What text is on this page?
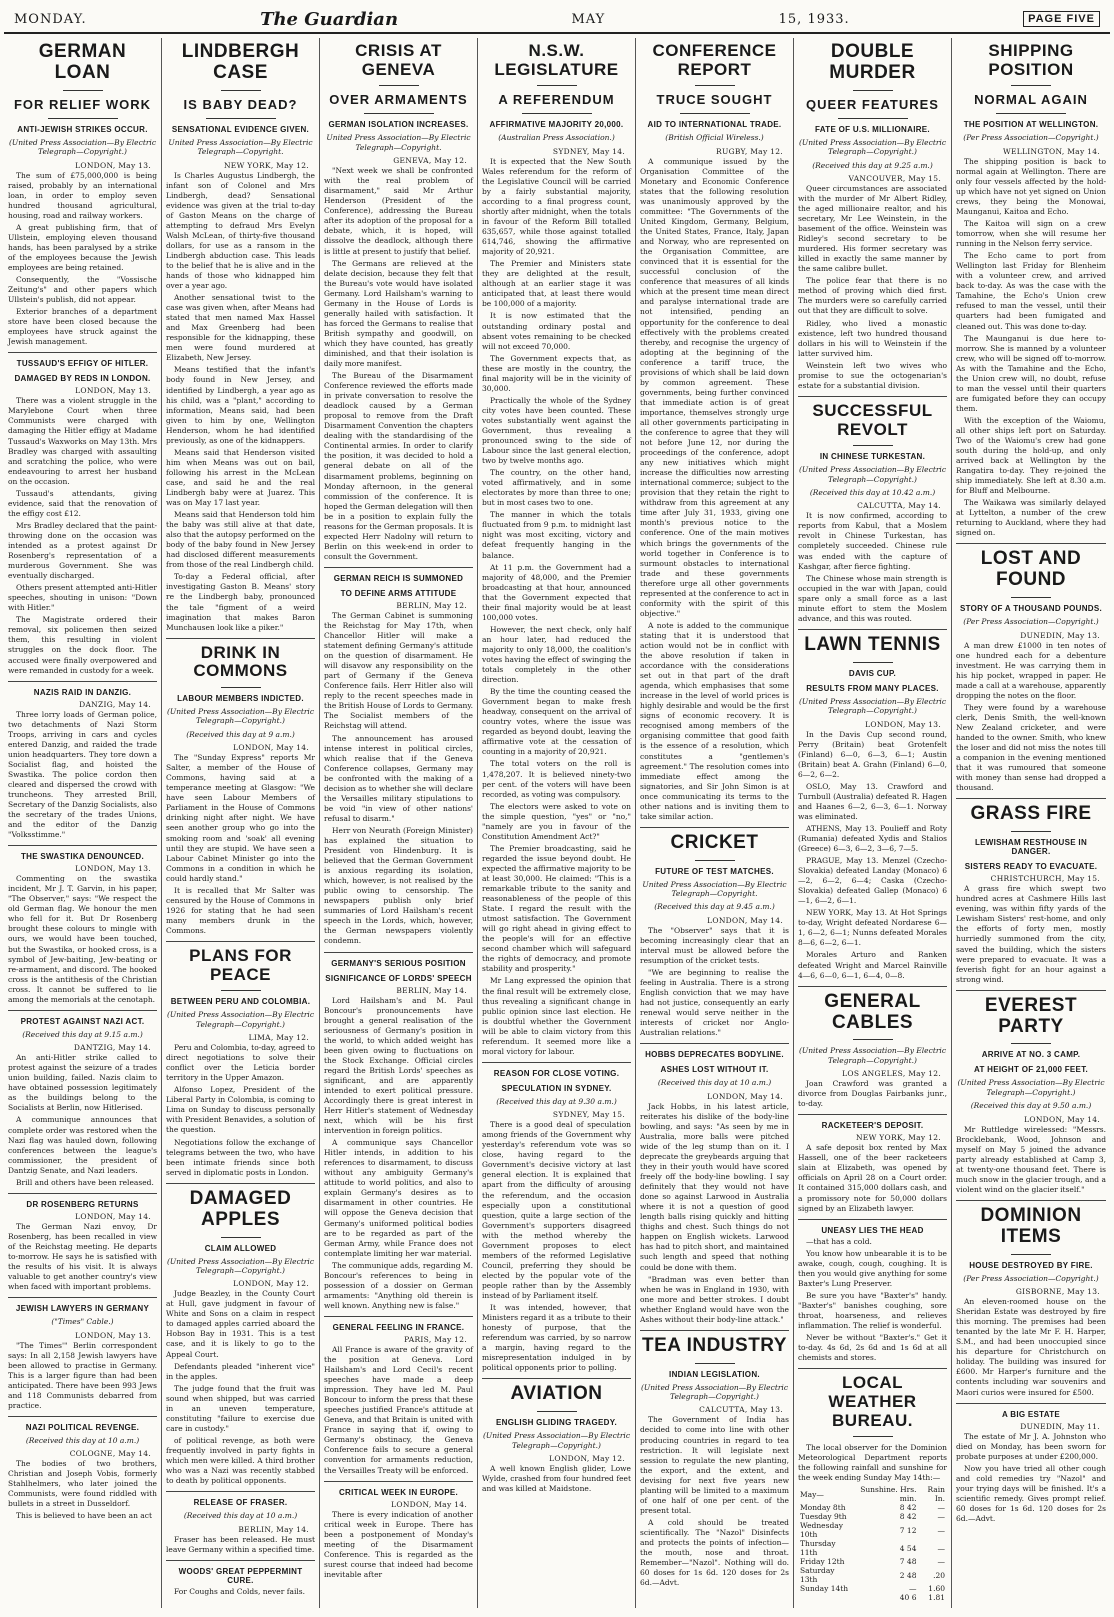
MONDAY.	The Guardian	MAY	15, 1933.	PAGE FIVE
GERMAN LOAN
FOR RELIEF WORK
ANTI-JEWISH STRIKES OCCUR.
(United Press Association—By Electric Telegraph—Copyright.)
LONDON, May 13.

The sum of £75,000,000 is being raised, probably by an international loan, in order to employ seven hundred thousand agricultural, housing, road and railway workers.

A great publishing firm, that of Ullstein, employing eleven thousand hands, has been paralysed by a strike of the employees because the Jewish employees are being retained.

Consequently, the "Vossische Zeitung's" and other papers which Ullstein's publish, did not appear.

Exterior branches of a department store have been closed because the employees have struck against the Jewish management.

TUSSAUD'S EFFIGY OF HITLER.
DAMAGED BY REDS IN LONDON.
LONDON, May 13.

There was a violent struggle in the Marylebone Court when three Communists were charged with damaging the Hitler effigy at Madame Tussaud's Waxworks on May 13th. Mrs Bradley was charged with assaulting and scratching the police, who were endeavouring to arrest her husband on the occasion.

Tussaud's attendants, giving evidence, said that the renovation of the effigy cost £12.

Mrs Bradley declared that the paint-throwing done on the occasion was intended as a protest against Dr Rosenberg's representation of a murderous Government. She was eventually discharged.

Others present attempted anti-Hitler speeches, shouting in unison: "Down with Hitler."

The Magistrate ordered their removal, six policemen then seized them, this resulting in violent struggles on the dock floor. The accused were finally overpowered and were remanded in custody for a week.

NAZIS RAID IN DANZIG.
DANZIG, May 14.

Three lorry loads of German police, two detachments of Nazi Storm Troops, arriving in cars and cycles entered Danzig, and raided the trade union headquarters. They tore down a Socialist flag, and hoisted the Swastika. The police cordon then cleared and dispersed the crowd with truncheons. They arrested Brill, Secretary of the Danzig Socialists, also the secretary of the trades Unions, and the editor of the Danzig "Volksstimme."

THE SWASTIKA DENOUNCED.
LONDON, May 13.

Commenting on the swastika incident, Mr J. T. Garvin, in his paper, "The Observer," says: "We respect the old German flag. We honour the men who fell for it. But Dr Rosenberg brought these colours to mingle with ours, we would have been touched, but the Swastika, or hooked cross, is a symbol of Jew-baiting, Jew-beating or re-armament, and discord. The hooked cross is the antithesis of the Christian cross. It cannot be suffered to lie among the memorials at the cenotaph.

PROTEST AGAINST NAZI ACT.
(Received this day at 9.15 a.m.)
DANTZIG, May 14.

An anti-Hitler strike called to protest against the seizure of a trades union building, failed. Nazis claim to have obtained possession legitimately as the buildings belong to the Socialists at Berlin, now Hitlerised.

A communique announces that complete order was restored when the Nazi flag was hauled down, following conferences between the league's commissioner, the president of Dantzig Senate, and Nazi leaders.

Brill and others have been released.

DR ROSENBERG RETURNS
LONDON, May 14.

The German Nazi envoy, Dr Rosenberg, has been recalled in view of the Reichstag meeting. He departs to-morrow. He says he is satisfied with the results of his visit. It is always valuable to get another country's view when faced with important problems.

JEWISH LAWYERS IN GERMANY
("Times" Cable.)
LONDON, May 13.

"The Times'" Berlin correspondent says: In all 2,158 Jewish lawyers have been allowed to practise in Germany. This is a larger figure than had been anticipated. There have been 993 Jews and 118 Communists debarred from practice.

NAZI POLITICAL REVENGE.
(Received this day at 10 a.m.)
COLOGNE, May 14.

The bodies of two brothers, Christian and Joseph Vobis, formerly Stahlhelmers, who later joined the Communists, were found riddled with bullets in a street in Dusseldorf.

This is believed to have been an act

LINDBERGH CASE
IS BABY DEAD?
SENSATIONAL EVIDENCE GIVEN.
United Press Association—By Electric Telegraph—Copyright.
NEW YORK, May 12.

Is Charles Augustus Lindbergh, the infant son of Colonel and Mrs Lindbergh, dead? Sensational evidence was given at the trial to-day of Gaston Means on the charge of attempting to defraud Mrs Evelyn Walsh McLean, of thirty-five thousand dollars, for use as a ransom in the Lindbergh abduction case. This leads to the belief that he is alive and in the hands of those who kidnapped him over a year ago.

Another sensational twist to the case was given when, after Means had stated that men named Max Hassel and Max Greenberg had been responsible for the kidnapping, these men were found murdered at Elizabeth, New Jersey.

Means testified that the infant's body found in New Jersey, and identified by Lindbergh, a year ago as his child, was a "plant," according to information, Means said, had been given to him by one, Wellington Henderson, whom he had identified previously, as one of the kidnappers.

Means said that Henderson visited him when Means was out on bail, following his arrest in the McLean case, and said he and the real Lindbergh baby were at Juarez. This was on May 17 last year.

Means said that Henderson told him the baby was still alive at that date, also that the autopsy performed on the body of the baby found in New Jersey had disclosed different measurements from those of the real Lindbergh child.

To-day a Federal official, after investigating Gaston B. Means' story re the Lindbergh baby, pronounced the tale "figment of a weird imagination that makes Baron Munchausen look like a piker."

DRINK IN COMMONS
LABOUR MEMBERS INDICTED.
(United Press Association—By Electric Telegraph—Copyright.)
(Received this day at 9 a.m.)
LONDON, May 14.

The "Sunday Express" reports Mr Salter, a member of the House of Commons, having said at a temperance meeting at Glasgow: "We have seen Labour Members of Parliament in the House of Commons drinking night after night. We have seen another group who go into the smoking room and 'soak' all evening until they are stupid. We have seen a Labour Cabinet Minister go into the Commons in a condition in which he could hardly stand."

It is recalled that Mr Salter was censured by the House of Commons in 1926 for stating that he had seen many members drunk in the Commons.

PLANS FOR PEACE
BETWEEN PERU AND COLOMBIA.
(United Press Association—By Electric Telegraph—Copyright.)
LIMA, May 12.

Peru and Colombia, to-day, agreed to direct negotiations to solve their conflict over the Leticia border territory in the Upper Amazon.

Alfonso Lopez, President of the Liberal Party in Colombia, is coming to Lima on Sunday to discuss personally with President Benavides, a solution of the question.

Negotiations follow the exchange of telegrams between the two, who have been intimate friends since both served in diplomatic posts in London.

DAMAGED APPLES
CLAIM ALLOWED
(United Press Association—By Electric Telegraph—Copyright.)
LONDON, May 12.

Judge Beazley, in the County Court at Hull, gave judgment in favour of White and Sons on a claim in respect to damaged apples carried aboard the Hobson Bay in 1931. This is a test case, and it is likely to go to the Appeal Court.

Defendants pleaded "inherent vice" in the apples.

The judge found that the fruit was sound when shipped, but was carried in an uneven temperature, constituting "failure to exercise due care in custody."

of political revenge, as both were frequently involved in party fights in which men were killed. A third brother who was a Nazi was recently stabbed to death by political opponents.

RELEASE OF FRASER.
(Received this day at 10 a.m.)
BERLIN, May 14.

Fraser has been released. He must leave Germany within a specified time.

WOODS' GREAT PEPPERMINT CURE.

For Coughs and Colds, never fails.

CRISIS AT GENEVA
OVER ARMAMENTS
GERMAN ISOLATION INCREASES.
United Press Association—By Electric Telegraph—Copyright.
GENEVA, May 12.

"Next week we shall be confronted with the real problem of disarmament," said Mr Arthur Henderson (President of the Conference), addressing the Bureau after its adoption of the proposal for a debate, which, it is hoped, will dissolve the deadlock, although there is little at present to justify that belief.

The Germans are relieved at the delate decision, because they felt that the Bureau's vote would have isolated Germany. Lord Hailsham's warning to Germany in the House of Lords is generally hailed with satisfaction. It has forced the Germans to realise that British sympathy and goodwill, on which they have counted, has greatly diminished, and that their isolation is daily more manifest.

The Bureau of the Disarmament Conference reviewed the efforts made in private conversation to resolve the deadlock caused by a German proposal to remove from the Draft Disarmament Convention the chapters dealing with the standardising of the Continental armies. In order to clarify the position, it was decided to hold a general debate on all of the disarmament problems, beginning on Monday afternoon, in the general commission of the conference. It is hoped the German delegation will then be in a position to explain fully the reasons for the German proposals. It is expected Herr Nadolny will return to Berlin on this week-end in order to consult the Government.

GERMAN REICH IS SUMMONED
TO DEFINE ARMS ATTITUDE
BERLIN, May 12.

The German Cabinet is summoning the Reichstag for May 17th, when Chancellor Hitler will make a statement defining Germany's attitude on the question of disarmament. He will disavow any responsibility on the part of Germany if the Geneva Conference fails. Herr Hitler also will reply to the recent speeches made in the British House of Lords to Germany. The Socialist members of the Reichstag will attend.

The announcement has aroused intense interest in political circles, which realise that if the Geneva Conference collapses, Germany may be confronted with the making of a decision as to whether she will declare the Versailles military stipulations to be void "in view of other nations' refusal to disarm."

Herr von Neurath (Foreign Minister) has explained the situation to President von Hindenburg. It is believed that the German Government is anxious regarding its isolation, which, however, is not realised by the public owing to censorship. The newspapers publish only brief summaries of Lord Hailsham's recent speech in the Lords, which, however, the German newspapers violently condemn.

GERMANY'S SERIOUS POSITION
SIGNIFICANCE OF LORDS' SPEECH
BERLIN, May 14.

Lord Hailsham's and M. Paul Boncour's pronouncements have brought a general realisation of the seriousness of Germany's position in the world, to which added weight has been given owing to fluctuations on the Stock Exchange. Official circles regard the British Lords' speeches as significant, and are apparently intended to exert political pressure. Accordingly there is great interest in Herr Hitler's statement of Wednesday next, which will be his first intervention in foreign politics.

A communique says Chancellor Hitler intends, in addition to his references to disarmament, to discuss without any ambiguity Germany's attitude to world politics, and also to explain Germany's desires as to disarmament in other countries. He will oppose the Geneva decision that Germany's uniformed political bodies are to be regarded as part of the German Army, while France does not contemplate limiting her war material.

The communique adds, regarding M. Boncour's references to being in possession of a dossier on German armaments: "Anything old therein is well known. Anything new is false."

GENERAL FEELING IN FRANCE.
PARIS, May 12.

All France is aware of the gravity of the position at Geneva. Lord Hailsham's and Lord Cecil's recent speeches have made a deep impression. They have led M. Paul Boncour to inform the press that these speeches justified France's attitude at Geneva, and that Britain is united with France in saying that if, owing to Germany's obstinacy, the Geneva Conference fails to secure a general convention for armaments reduction, the Versailles Treaty will be enforced.

CRITICAL WEEK IN EUROPE.
LONDON, May 14.

There is every indication of another critical week in Europe. There has been a postponement of Monday's meeting of the Disarmament Conference. This is regarded as the surest course that indeed had become inevitable after

N.S.W. LEGISLATURE
A REFERENDUM
AFFIRMATIVE MAJORITY 20,000.
(Australian Press Association.)
SYDNEY, May 14.

It is expected that the New South Wales referendum for the reform of the Legislative Council will be carried by a fairly substantial majority, according to a final progress count, shortly after midnight, when the totals in favour of the Reform Bill totalled 635,657, while those against totalled 614,746, showing the affirmative majority of 20,921.

The Premier and Ministers state they are delighted at the result, although at an earlier stage it was anticipated that, at least there would be 100,000 of a majority.

It is now estimated that the outstanding ordinary postal and absent votes remaining to be checked will not exceed 70,000.

The Government expects that, as these are mostly in the country, the final majority will be in the vicinity of 30,000.

Practically the whole of the Sydney city votes have been counted. These votes substantially went against the Government, thus revealing a pronounced swing to the side of Labour since the last general election, two by twelve months ago.

The country, on the other hand, voted affirmatively, and in some electorates by more than three to one; but in most cases two to one.

The manner in which the totals fluctuated from 9 p.m. to midnight last night was most exciting, victory and defeat frequently hanging in the balance.

At 11 p.m. the Government had a majority of 48,000, and the Premier broadcasting at that hour, announced that the Government expected that their final majority would be at least 100,000 votes.

However, the next check, only half an hour later, had reduced the majority to only 18,000, the coalition's votes having the effect of swinging the totals completely in the other direction.

By the time the counting ceased the Government began to make fresh headway, consequent on the arrival of country votes, where the issue was regarded as beyond doubt, leaving the affirmative vote at the cessation of counting in a majority of 20,921.

The total voters on the roll is 1,478,207. It is believed ninety-two per cent. of the voters will have been recorded, as voting was compulsory.

The electors were asked to vote on the simple question, "yes" or "no," "namely are you in favour of the Constitution Amendment Act?"

The Premier broadcasting, said he regarded the issue beyond doubt. He expected the affirmative majority to be at least 30,000. He claimed: "This is a remarkable tribute to the sanity and reasonableness of the people of this State. I regard the result with the utmost satisfaction. The Government will go right ahead in giving effect to the people's will for an effective second chamber which will safeguard the rights of democracy, and promote stability and prosperity."

Mr Lang expressed the opinion that the final result will be extremely close, thus revealing a significant change in public opinion since last election. He is doubtful whether the Government will be able to claim victory from this referendum. It seemed more like a moral victory for labour.

REASON FOR CLOSE VOTING.
SPECULATION IN SYDNEY.
(Received this day at 9.30 a.m.)
SYDNEY, May 15.

There is a good deal of speculation among friends of the Government why yesterday's referendum vote was so close, having regard to the Government's decisive victory at last general election. It is explained that apart from the difficulty of arousing the referendum, and the occasion especially upon a constitutional question, quite a large section of the Government's supporters disagreed with the method whereby the Government proposes to elect members of the reformed Legislative Council, preferring they should be elected by the popular vote of the people rather than by the Assembly instead of by Parliament itself.

It was intended, however, that Ministers regard it as a tribute to their honesty of purpose, that the referendum was carried, by so narrow a margin, having regard to the misrepresentation indulged in by political opponents prior to polling.

AVIATION
ENGLISH GLIDING TRAGEDY.
(United Press Association—By Electric Telegraph—Copyright.)
LONDON, May 12.

A well known English glider, Lowe Wylde, crashed from four hundred feet and was killed at Maidstone.

CONFERENCE REPORT
TRUCE SOUGHT
AID TO INTERNATIONAL TRADE.
(British Official Wireless.)
RUGBY, May 12.

A communique issued by the Organisation Committee of the Monetary and Economic Conference states that the following resolution was unanimously approved by the committee: "The Governments of the United Kingdom, Germany, Belgium, the United States, France, Italy, Japan and Norway, who are represented on the Organisation Committee, are convinced that it is essential for the successful conclusion of the conference that measures of all kinds which at the present time mean direct and paralyse international trade are not intensified, pending an opportunity for the conference to deal effectively with the problems created thereby, and recognise the urgency of adopting at the beginning of the conference a tariff truce, the provisions of which shall be laid down by common agreement. These governments, being further convinced that immediate action is of great importance, themselves strongly urge all other governments participating in the conference to agree that they will not before June 12, nor during the proceedings of the conference, adopt any new initiatives which might increase the difficulties now arresting international commerce; subject to the provision that they retain the right to withdraw from this agreement at any time after July 31, 1933, giving one month's previous notice to the conference. One of the main motives which brings the governments of the world together in Conference is to surmount obstacles to international trade and these governments therefore urge all other governments represented at the conference to act in conformity with the spirit of this objective."

A note is added to the communique stating that it is understood that action would not be in conflict with the above resolution if taken in accordance with the considerations set out in that part of the draft agenda, which emphasises that some increase in the level of world prices is highly desirable and would be the first signs of economic recovery. It is recognised among members of the organising committee that good faith is the essence of a resolution, which constitutes a "gentlemen's agreement." The resolution comes into immediate effect among the signatories, and Sir John Simon is at once communicating its terms to the other nations and is inviting them to take similar action.

CRICKET
FUTURE OF TEST MATCHES.
United Press Association—By Electric Telegraph—Copyright.
(Received this day at 9.45 a.m.)
LONDON, May 14.

The "Observer" says that it is becoming increasingly clear that an interval must be allowed before the resumption of the cricket tests.

"We are beginning to realise the feeling in Australia. There is a strong English conviction that we may have had not justice, consequently an early renewal would serve neither in the interests of cricket nor Anglo-Australian relations."

HOBBS DEPRECATES BODYLINE.
ASHES LOST WITHOUT IT.
(Received this day at 10 a.m.)
LONDON, May 14.

Jack Hobbs, in his latest article, reiterates his dislike of the body-line bowling, and says: "As seen by me in Australia, more balls were pitched wide of the leg stump than on it. I deprecate the greybeards arguing that they in their youth would have scored freely off the body-line bowling. I say definitely that they would not have done so against Larwood in Australia where it is not a question of good length balls rising quickly and hitting thighs and chest. Such things do not happen on English wickets. Larwood has had to pitch short, and maintained such length and speed that nothing could be done with them.

"Bradman was even better than when he was in England in 1930, with one more and better strokes. I doubt whether England would have won the Ashes without their body-line attack."

TEA INDUSTRY
INDIAN LEGISLATION.
(United Press Association—By Electric Telegraph—Copyright.)
CALCUTTA, May 13.

The Government of India has decided to come into line with other producing countries in regard to tea restriction. It will legislate next session to regulate the new planting, the export, and the extent, and devising for next five years new planting will be limited to a maximum of one half of one per cent. of the present total.

A cold should be treated scientifically. The "Nazol" Disinfects and protects the points of infection—the mouth, nose and throat. Remember—"Nazol". Nothing will do. 60 doses for 1s 6d. 120 doses for 2s 6d.—Advt.

DOUBLE MURDER
QUEER FEATURES
FATE OF U.S. MILLIONAIRE.
(United Press Association—By Electric Telegraph—Copyright.)
(Received this day at 9.25 a.m.)
VANCOUVER, May 15.

Queer circumstances are associated with the murder of Mr Albert Ridley, the aged millionaire realtor, and his secretary, Mr Lee Weinstein, in the basement of the office. Weinstein was Ridley's second secretary to be murdered. His former secretary was killed in exactly the same manner by the same calibre bullet.

The police fear that there is no method of proving which died first. The murders were so carefully carried out that they are difficult to solve.

Ridley, who lived a monastic existence, left two hundred thousand dollars in his will to Weinstein if the latter survived him.

Weinstein left two wives who promise to sue the octogenarian's estate for a substantial division.

SUCCESSFUL REVOLT
IN CHINESE TURKESTAN.
(United Press Association—By Electric Telegraph—Copyright.)
(Received this day at 10.42 a.m.)
CALCUTTA, May 14.

It is now confirmed, according to reports from Kabul, that a Moslem revolt in Chinese Turkestan, has completely succeeded. Chinese rule was ended with the capture of Kashgar, after fierce fighting.

The Chinese whose main strength is occupied in the war with Japan, could spare only a small force as a last minute effort to stem the Moslem advance, and this was routed.

LAWN TENNIS
DAVIS CUP.
RESULTS FROM MANY PLACES.
(United Press Association—By Electric Telegraph—Copyright.)
LONDON, May 13.

In the Davis Cup second round, Perry (Britain) beat Grotenfelt (Finland) 6—0, 6—3, 6—1; Austin (Britain) beat A. Grahn (Finland) 6—0, 6—2, 6—2.

OSLO, May 13. Crawford and Turnbull (Australia) defeated R. Hagen and Haanes 6—2, 6—3, 6—1. Norway was eliminated.

ATHENS, May 13. Poulieff and Roty (Rumania) defeated Xydis and Stalios (Greece) 6—3, 6—2, 3—6, 7—5.

PRAGUE, May 13. Menzel (Czecho-Slovakia) defeated Landay (Monaco) 6—2, 6—2, 6—4; Caska (Czecho-Slovakia) defeated Gallep (Monaco) 6—1, 6—2, 6—1.

NEW YORK, May 13. At Hot Springs to-day, Wright defeated Nordarese 6—1, 6—2, 6—1; Nunns defeated Morales 8—6, 6—2, 6—1.

Morales Arturo and Ranken defeated Wright and Marcel Rainville 4—6, 6—0, 6—1, 6—4, 0—8.

GENERAL CABLES
(United Press Association—By Electric Telegraph—Copyright.)
LOS ANGELES, May 12.

Joan Crawford was granted a divorce from Douglas Fairbanks junr., to-day.

RACKETEER'S DEPOSIT.
NEW YORK, May 12.

A safe deposit box rented by Max Hassell, one of the beer racketeers slain at Elizabeth, was opened by officials on April 28 on a Court order. It contained 315,000 dollars cash, and a promissory note for 50,000 dollars signed by an Elizabeth lawyer.

UNEASY LIES THE HEAD

—that has a cold.

You know how unbearable it is to be awake, cough, cough, coughing. It is then you would give anything for some Baxter's Lung Preserver.

Be sure you have "Baxter's" handy. "Baxter's" banishes coughing, sore throat, hoarseness, and relieves inflammation. The relief is wonderful.

Never be without "Baxter's." Get it to-day. 4s 6d, 2s 6d and 1s 6d at all chemists and stores.

LOCAL WEATHER BUREAU.

The local observer for the Dominion Meteorological Department reports the following rainfall and sunshine for the week ending Sunday May 14th:—

May—	Sunshine. Hrs. min.	Rain In.
Monday 8th	8 42	—
Tuesday 9th	8 42	—
Wednesday 10th	7 12	—
Thursday 11th	4 54	—
Friday 12th	7 48	—
Saturday 13th	2 48	.20
Sunday 14th	—	1.60
	40 6	1.81
SHIPPING POSITION
NORMAL AGAIN
THE POSITION AT WELLINGTON.
(Per Press Association—Copyright.)
WELLINGTON, May 14.

The shipping position is back to normal again at Wellington. There are only four vessels affected by the hold-up which have not yet signed on Union crews, they being the Monowai, Maunganui, Kaitoa and Echo.

The Kaitoa will sign on a crew tomorrow, when she will resume her running in the Nelson ferry service.

The Echo came to port from Wellington last Friday for Blenheim with a volunteer crew, and arrived back to-day. As was the case with the Tamahine, the Echo's Union crew refused to man the vessel, until their quarters had been fumigated and cleaned out. This was done to-day.

The Maunganui is due here to-morrow. She is manned by a volunteer crew, who will be signed off to-morrow. As with the Tamahine and the Echo, the Union crew will, no doubt, refuse to man the vessel until their quarters are fumigated before they can occupy them.

With the exception of the Waiomu, all other ships left port on Saturday. Two of the Waiomu's crew had gone south during the hold-up, and only arrived back at Wellington by the Rangatira to-day. They re-joined the ship immediately. She left at 8.30 a.m. for Bluff and Melbourne.

The Waikawa was similarly delayed at Lyttelton, a number of the crew returning to Auckland, where they had signed on.

LOST AND FOUND
STORY OF A THOUSAND POUNDS.
(Per Press Association—Copyright.)
DUNEDIN, May 13.

A man drew £1000 in ten notes of one hundred each for a debenture investment. He was carrying them in his hip pocket, wrapped in paper. He made a call at a warehouse, apparently dropping the notes on the floor.

They were found by a warehouse clerk, Denis Smith, the well-known New Zealand cricketer, and were handed to the owner. Smith, who knew the loser and did not miss the notes till a companion in the evening mentioned that it was rumoured that someone with money than sense had dropped a thousand.

GRASS FIRE
LEWISHAM RESTHOUSE IN DANGER.
SISTERS READY TO EVACUATE.
CHRISTCHURCH, May 15.

A grass fire which swept two hundred acres at Cashmere Hills last evening, was within fifty yards of the Lewisham Sisters' rest-home, and only the efforts of forty men, mostly hurriedly summoned from the city, saved the building, which the sisters were prepared to evacuate. It was a feverish fight for an hour against a strong wind.

EVEREST PARTY
ARRIVE AT NO. 3 CAMP.
AT HEIGHT OF 21,000 FEET.
(United Press Association—By Electric Telegraph—Copyright.)
(Received this day at 9.50 a.m.)
LONDON, May 14.

Mr Ruttledge wirelessed: "Messrs. Brocklebank, Wood, Johnson and myself on May 5 joined the advance party already established at Camp 3, at twenty-one thousand feet. There is much snow in the glacier trough, and a violent wind on the glacier itself."

DOMINION ITEMS
HOUSE DESTROYED BY FIRE.
(Per Press Association—Copyright.)
GISBORNE, May 13.

An eleven-roomed house on the Sheridan Estate was destroyed by fire this morning. The premises had been tenanted by the late Mr F. H. Harper, S.M., and had been unoccupied since his departure for Christchurch on holiday. The building was insured for £600. Mr Harper's furniture and the contents including war souvenirs and Maori curios were insured for £500.

A BIG ESTATE
DUNEDIN, May 11.

The estate of Mr J. A. Johnston who died on Monday, has been sworn for probate purposes at under £200,000.

Now you have tried all other cough and cold remedies try "Nazol" and your trying days will be finished. It's a scientific remedy. Gives prompt relief. 60 doses for 1s 6d. 120 doses for 2s 6d.—Advt.
